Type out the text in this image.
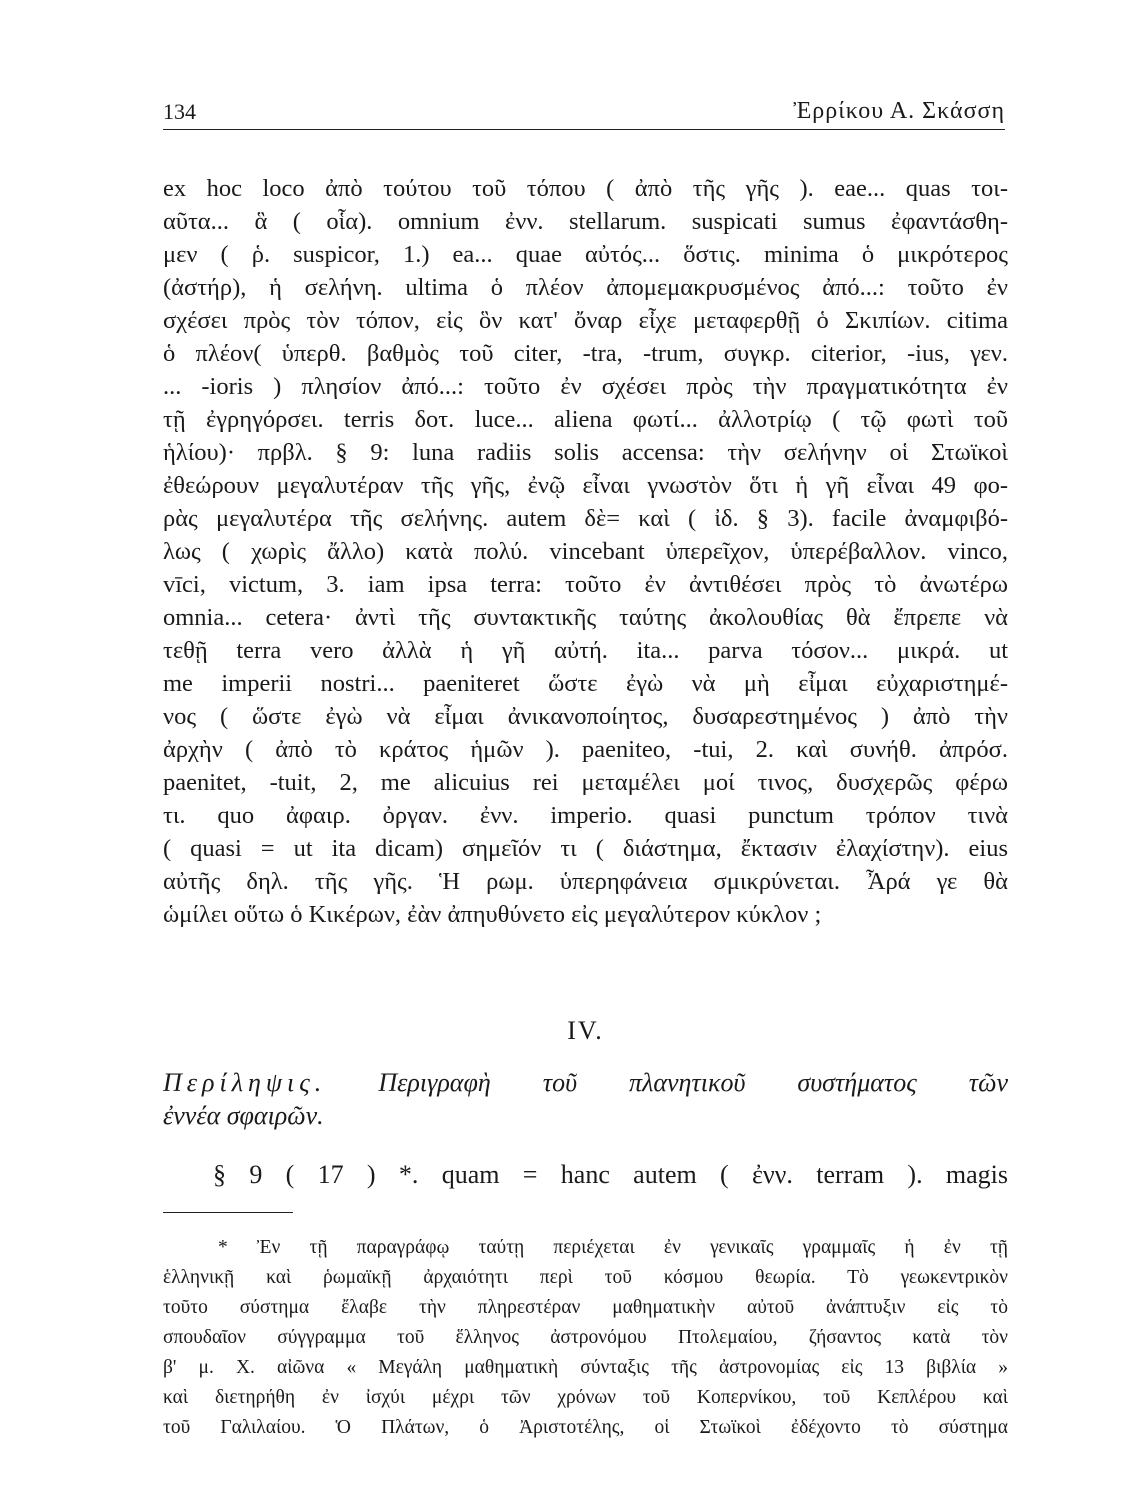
134	Ἐρρίκου Α. Σκάσση
ex hoc loco ἀπὸ τούτου τοῦ τόπου ( ἀπὸ τῆς γῆς ). eae... quas τοι-
αῦτα... ἃ ( οἷα). omnium ἐνν. stellarum. suspicati sumus ἐφαντάσθη-
μεν ( ῥ. suspicor, 1.) ea... quae αὐτός... ὅστις. minima ὁ μικρότερος
(ἀστήρ), ἡ σελήνη. ultima ὁ πλέον ἀπομεμακρυσμένος ἀπό...: τοῦτο ἐν
σχέσει πρὸς τὸν τόπον, εἰς ὃν κατ' ὄναρ εἶχε μεταφερθῇ ὁ Σκιπίων. citima
ὁ πλέον( ὑπερθ. βαθμὸς τοῦ citer, -tra, -trum, συγκρ. citerior, -ius, γεν.
... -ioris ) πλησίον ἀπό...: τοῦτο ἐν σχέσει πρὸς τὴν πραγματικότητα ἐν
τῇ ἐγρηγόρσει. terris δοτ. luce... aliena φωτί... ἀλλοτρίῳ ( τῷ φωτὶ τοῦ
ἡλίου)· πρβλ. § 9: luna radiis solis accensa: τὴν σελήνην οἱ Στωϊκοὶ
ἐθεώρουν μεγαλυτέραν τῆς γῆς, ἐνῷ εἶναι γνωστὸν ὅτι ἡ γῆ εἶναι 49 φο-
ρὰς μεγαλυτέρα τῆς σελήνης. autem δὲ= καὶ ( ἰδ. § 3). facile ἀναμφιβό-
λως ( χωρὶς ἄλλο) κατὰ πολύ. vincebant ὑπερεῖχον, ὑπερέβαλλον. vinco,
vīci, victum, 3. iam ipsa terra: τοῦτο ἐν ἀντιθέσει πρὸς τὸ ἀνωτέρω
omnia... cetera· ἀντὶ τῆς συντακτικῆς ταύτης ἀκολουθίας θὰ ἔπρεπε νὰ
τεθῇ terra vero ἀλλὰ ἡ γῆ αὐτή. ita... parva τόσον... μικρά. ut
me imperii nostri... paeniteret ὥστε ἐγὼ νὰ μὴ εἶμαι εὐχαριστημέ-
νος ( ὥστε ἐγὼ νὰ εἶμαι ἀνικανοποίητος, δυσαρεστημένος ) ἀπὸ τὴν
ἀρχὴν ( ἀπὸ τὸ κράτος ἡμῶν ). paeniteo, -tui, 2. καὶ συνήθ. ἀπρόσ.
paenitet, -tuit, 2, me alicuius rei μεταμέλει μοί τινος, δυσχερῶς φέρω
τι. quo ἀφαιρ. ὀργαν. ἐνν. imperio. quasi punctum τρόπον τινὰ
( quasi = ut ita dicam) σημεῖόν τι ( διάστημα, ἔκτασιν ἐλαχίστην). eius
αὐτῆς δηλ. τῆς γῆς. Ἡ ρωμ. ὑπερηφάνεια σμικρύνεται. Ἆρά γε θὰ
ὡμίλει οὕτω ὁ Κικέρων, ἐὰν ἀπηυθύνετο εἰς μεγαλύτερον κύκλον ;
IV.
Περίληψις. Περιγραφὴ τοῦ πλανητικοῦ συστήματος τῶν
ἐννέα σφαιρῶν.
§ 9 ( 17 ) *. quam = hanc autem ( ἐνν. terram ). magis
* Ἐν τῇ παραγράφῳ ταύτῃ περιέχεται ἐν γενικαῖς γραμμαῖς ἡ ἐν τῇ
ἑλληνικῇ καὶ ῥωμαϊκῇ ἀρχαιότητι περὶ τοῦ κόσμου θεωρία. Τὸ γεωκεντρικὸν
τοῦτο σύστημα ἔλαβε τὴν πληρεστέραν μαθηματικὴν αὐτοῦ ἀνάπτυξιν εἰς τὸ
σπουδαῖον σύγγραμμα τοῦ ἕλληνος ἀστρονόμου Πτολεμαίου, ζήσαντος κατὰ τὸν
β' μ. Χ. αἰῶνα « Μεγάλη μαθηματικὴ σύνταξις τῆς ἀστρονομίας εἰς 13 βιβλία »
καὶ διετηρήθη ἐν ἰσχύι μέχρι τῶν χρόνων τοῦ Κοπερνίκου, τοῦ Κεπλέρου καὶ
τοῦ Γαλιλαίου. Ὁ Πλάτων, ὁ Ἀριστοτέλης, οἱ Στωϊκοὶ ἐδέχοντο τὸ σύστημα
